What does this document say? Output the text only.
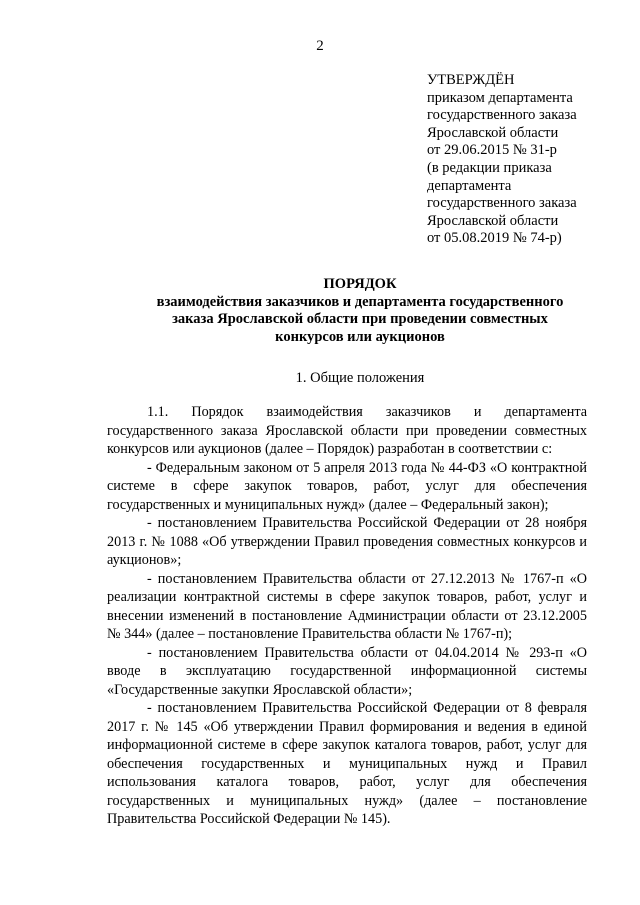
2
УТВЕРЖДЁН
приказом департамента
государственного заказа
Ярославской области
от 29.06.2015 № 31-р
(в редакции приказа
департамента
государственного заказа
Ярославской области
от 05.08.2019 № 74-р)
ПОРЯДОК
взаимодействия заказчиков и департамента государственного
заказа Ярославской области при проведении совместных
конкурсов или аукционов
1. Общие положения

1.1. Порядок взаимодействия заказчиков и департамента государственного заказа Ярославской области при проведении совместных конкурсов или аукционов (далее – Порядок) разработан в соответствии с:

- Федеральным законом от 5 апреля 2013 года № 44-ФЗ «О контрактной системе в сфере закупок товаров, работ, услуг для обеспечения государственных и муниципальных нужд» (далее – Федеральный закон);

- постановлением Правительства Российской Федерации от 28 ноября 2013 г. № 1088 «Об утверждении Правил проведения совместных конкурсов и аукционов»;

- постановлением Правительства области от 27.12.2013 № 1767-п «О реализации контрактной системы в сфере закупок товаров, работ, услуг и внесении изменений в постановление Администрации области от 23.12.2005 № 344» (далее – постановление Правительства области № 1767-п);

- постановлением Правительства области от 04.04.2014 № 293-п «О вводе в эксплуатацию государственной информационной системы «Государственные закупки Ярославской области»;

- постановлением Правительства Российской Федерации от 8 февраля 2017 г. № 145 «Об утверждении Правил формирования и ведения в единой информационной системе в сфере закупок каталога товаров, работ, услуг для обеспечения государственных и муниципальных нужд и Правил использования каталога товаров, работ, услуг для обеспечения государственных и муниципальных нужд» (далее – постановление Правительства Российской Федерации № 145).
